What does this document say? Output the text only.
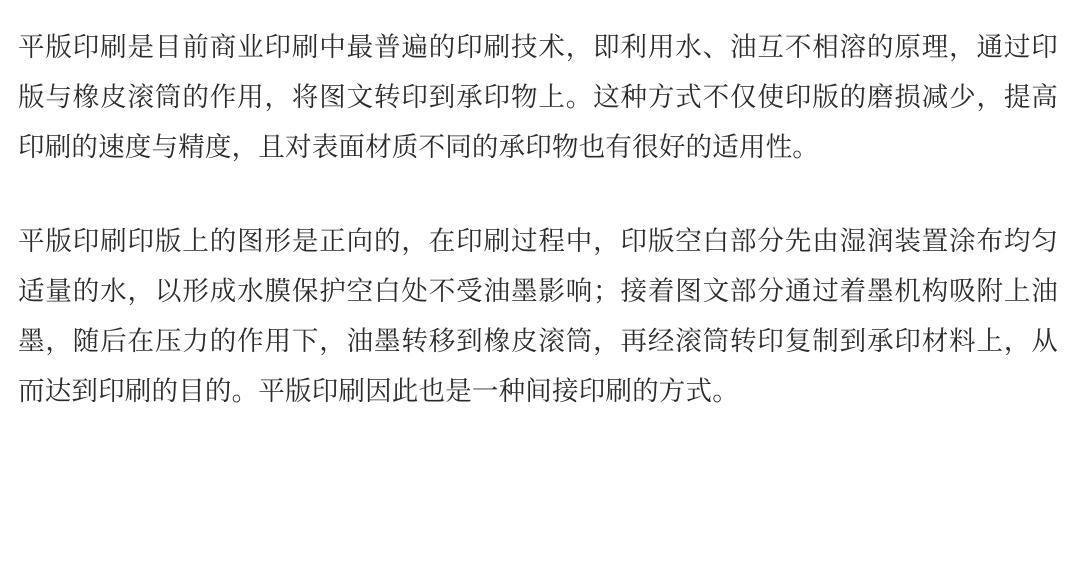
平版印刷是目前商业印刷中最普遍的印刷技术，即利用水、油互不相溶的原理，通过印版与橡皮滚筒的作用，将图文转印到承印物上。这种方式不仅使印版的磨损减少，提高印刷的速度与精度，且对表面材质不同的承印物也有很好的适用性。

平版印刷印版上的图形是正向的，在印刷过程中，印版空白部分先由湿润装置涂布均匀适量的水，以形成水膜保护空白处不受油墨影响；接着图文部分通过着墨机构吸附上油墨，随后在压力的作用下，油墨转移到橡皮滚筒，再经滚筒转印复制到承印材料上，从而达到印刷的目的。平版印刷因此也是一种间接印刷的方式。
